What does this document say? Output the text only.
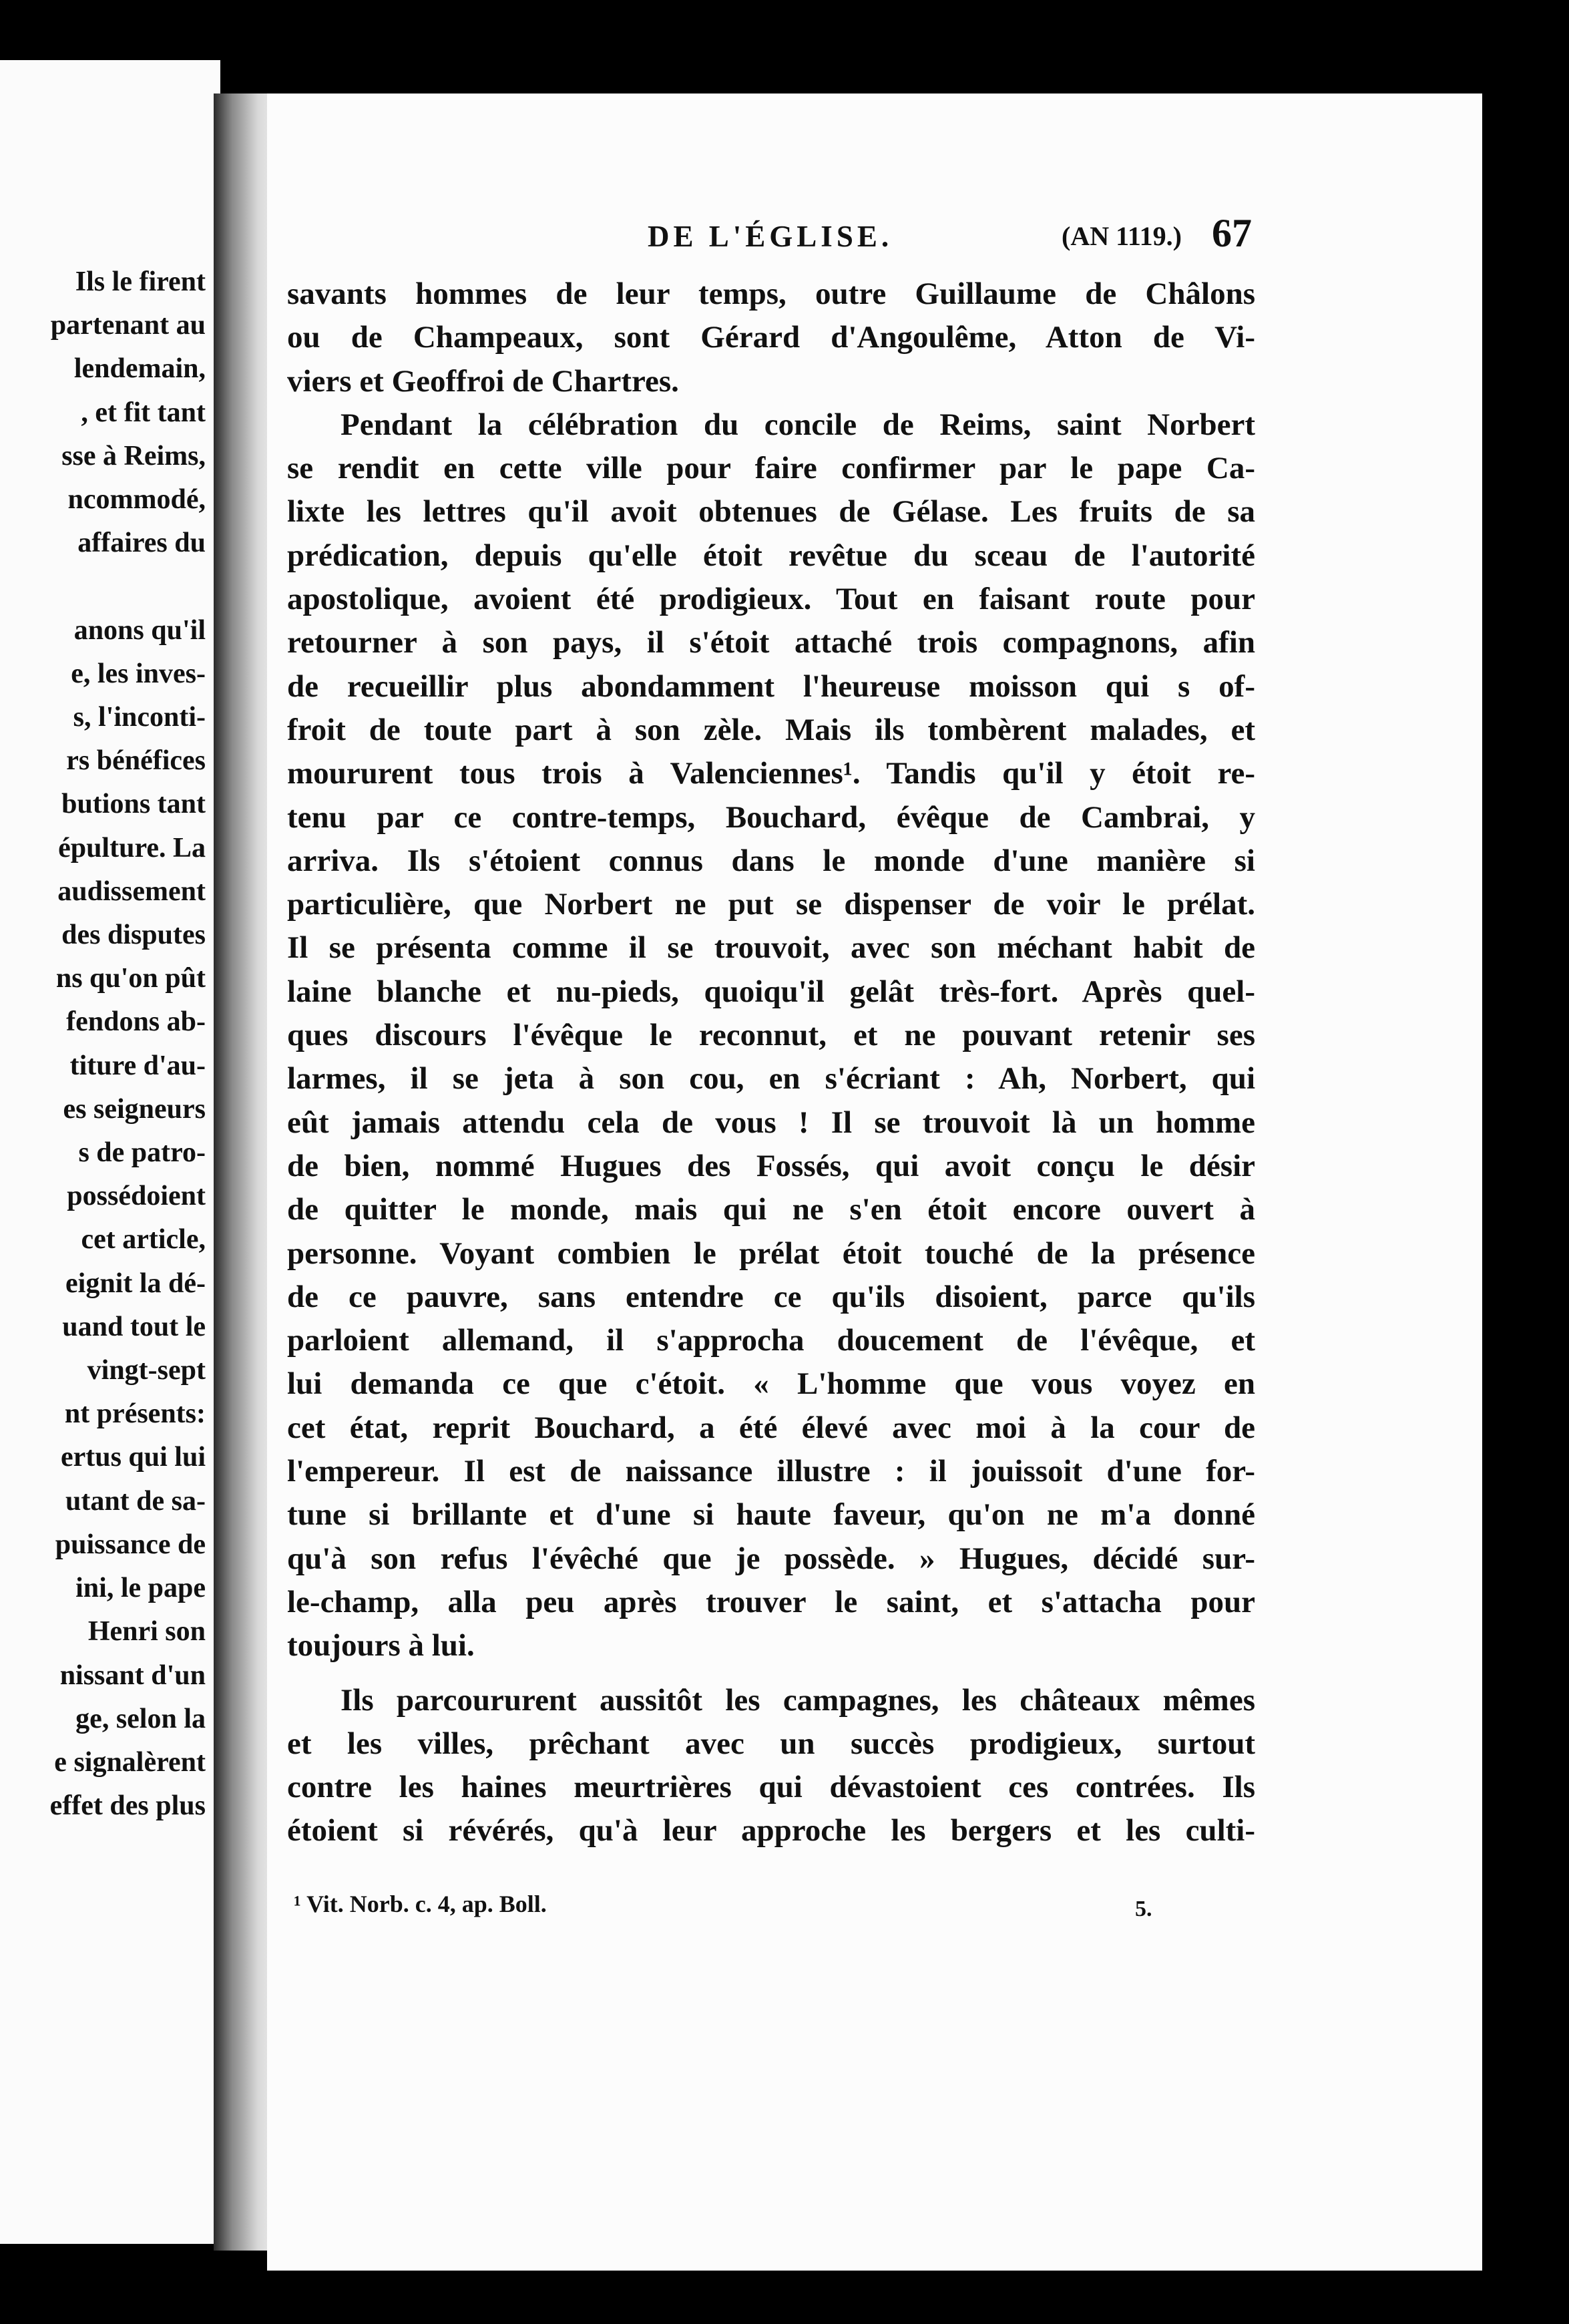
Ils le firent
partenant au
lendemain,
, et fit tant
sse à Reims,
ncommodé,
affaires du

anons qu'il
e, les inves-
s, l'inconti-
rs bénéfices
butions tant
épulture. La
audissement
des disputes
ns qu'on pût
fendons ab-
titure d'au-
es seigneurs
s de patro-
possédoient
cet article,
eignit la dé-
uand tout le
vingt-sept
nt présents:
ertus qui lui
utant de sa-
puissance de
ini, le pape
Henri son
nissant d'un
ge, selon la
e signalèrent
effet des plus
DE L'ÉGLISE.	(AN 1119.) 67
savants hommes de leur temps, outre Guillaume de Châlons
ou de Champeaux, sont Gérard d'Angoulême, Atton de Vi-
viers et Geoffroi de Chartres.
Pendant la célébration du concile de Reims, saint Norbert
se rendit en cette ville pour faire confirmer par le pape Ca-
lixte les lettres qu'il avoit obtenues de Gélase. Les fruits de sa
prédication, depuis qu'elle étoit revêtue du sceau de l'autorité
apostolique, avoient été prodigieux. Tout en faisant route pour
retourner à son pays, il s'étoit attaché trois compagnons, afin
de recueillir plus abondamment l'heureuse moisson qui s of-
froit de toute part à son zèle. Mais ils tombèrent malades, et
moururent tous trois à Valenciennes¹. Tandis qu'il y étoit re-
tenu par ce contre-temps, Bouchard, évêque de Cambrai, y
arriva. Ils s'étoient connus dans le monde d'une manière si
particulière, que Norbert ne put se dispenser de voir le prélat.
Il se présenta comme il se trouvoit, avec son méchant habit de
laine blanche et nu-pieds, quoiqu'il gelât très-fort. Après quel-
ques discours l'évêque le reconnut, et ne pouvant retenir ses
larmes, il se jeta à son cou, en s'écriant : Ah, Norbert, qui
eût jamais attendu cela de vous ! Il se trouvoit là un homme
de bien, nommé Hugues des Fossés, qui avoit conçu le désir
de quitter le monde, mais qui ne s'en étoit encore ouvert à
personne. Voyant combien le prélat étoit touché de la présence
de ce pauvre, sans entendre ce qu'ils disoient, parce qu'ils
parloient allemand, il s'approcha doucement de l'évêque, et
lui demanda ce que c'étoit. « L'homme que vous voyez en
cet état, reprit Bouchard, a été élevé avec moi à la cour de
l'empereur. Il est de naissance illustre : il jouissoit d'une for-
tune si brillante et d'une si haute faveur, qu'on ne m'a donné
qu'à son refus l'évêché que je possède. » Hugues, décidé sur-
le-champ, alla peu après trouver le saint, et s'attacha pour
toujours à lui.
Ils parcoururent aussitôt les campagnes, les châteaux mêmes
et les villes, prêchant avec un succès prodigieux, surtout
contre les haines meurtrières qui dévastoient ces contrées. Ils
étoient si révérés, qu'à leur approche les bergers et les culti-
¹ Vit. Norb. c. 4, ap. Boll.	5.
